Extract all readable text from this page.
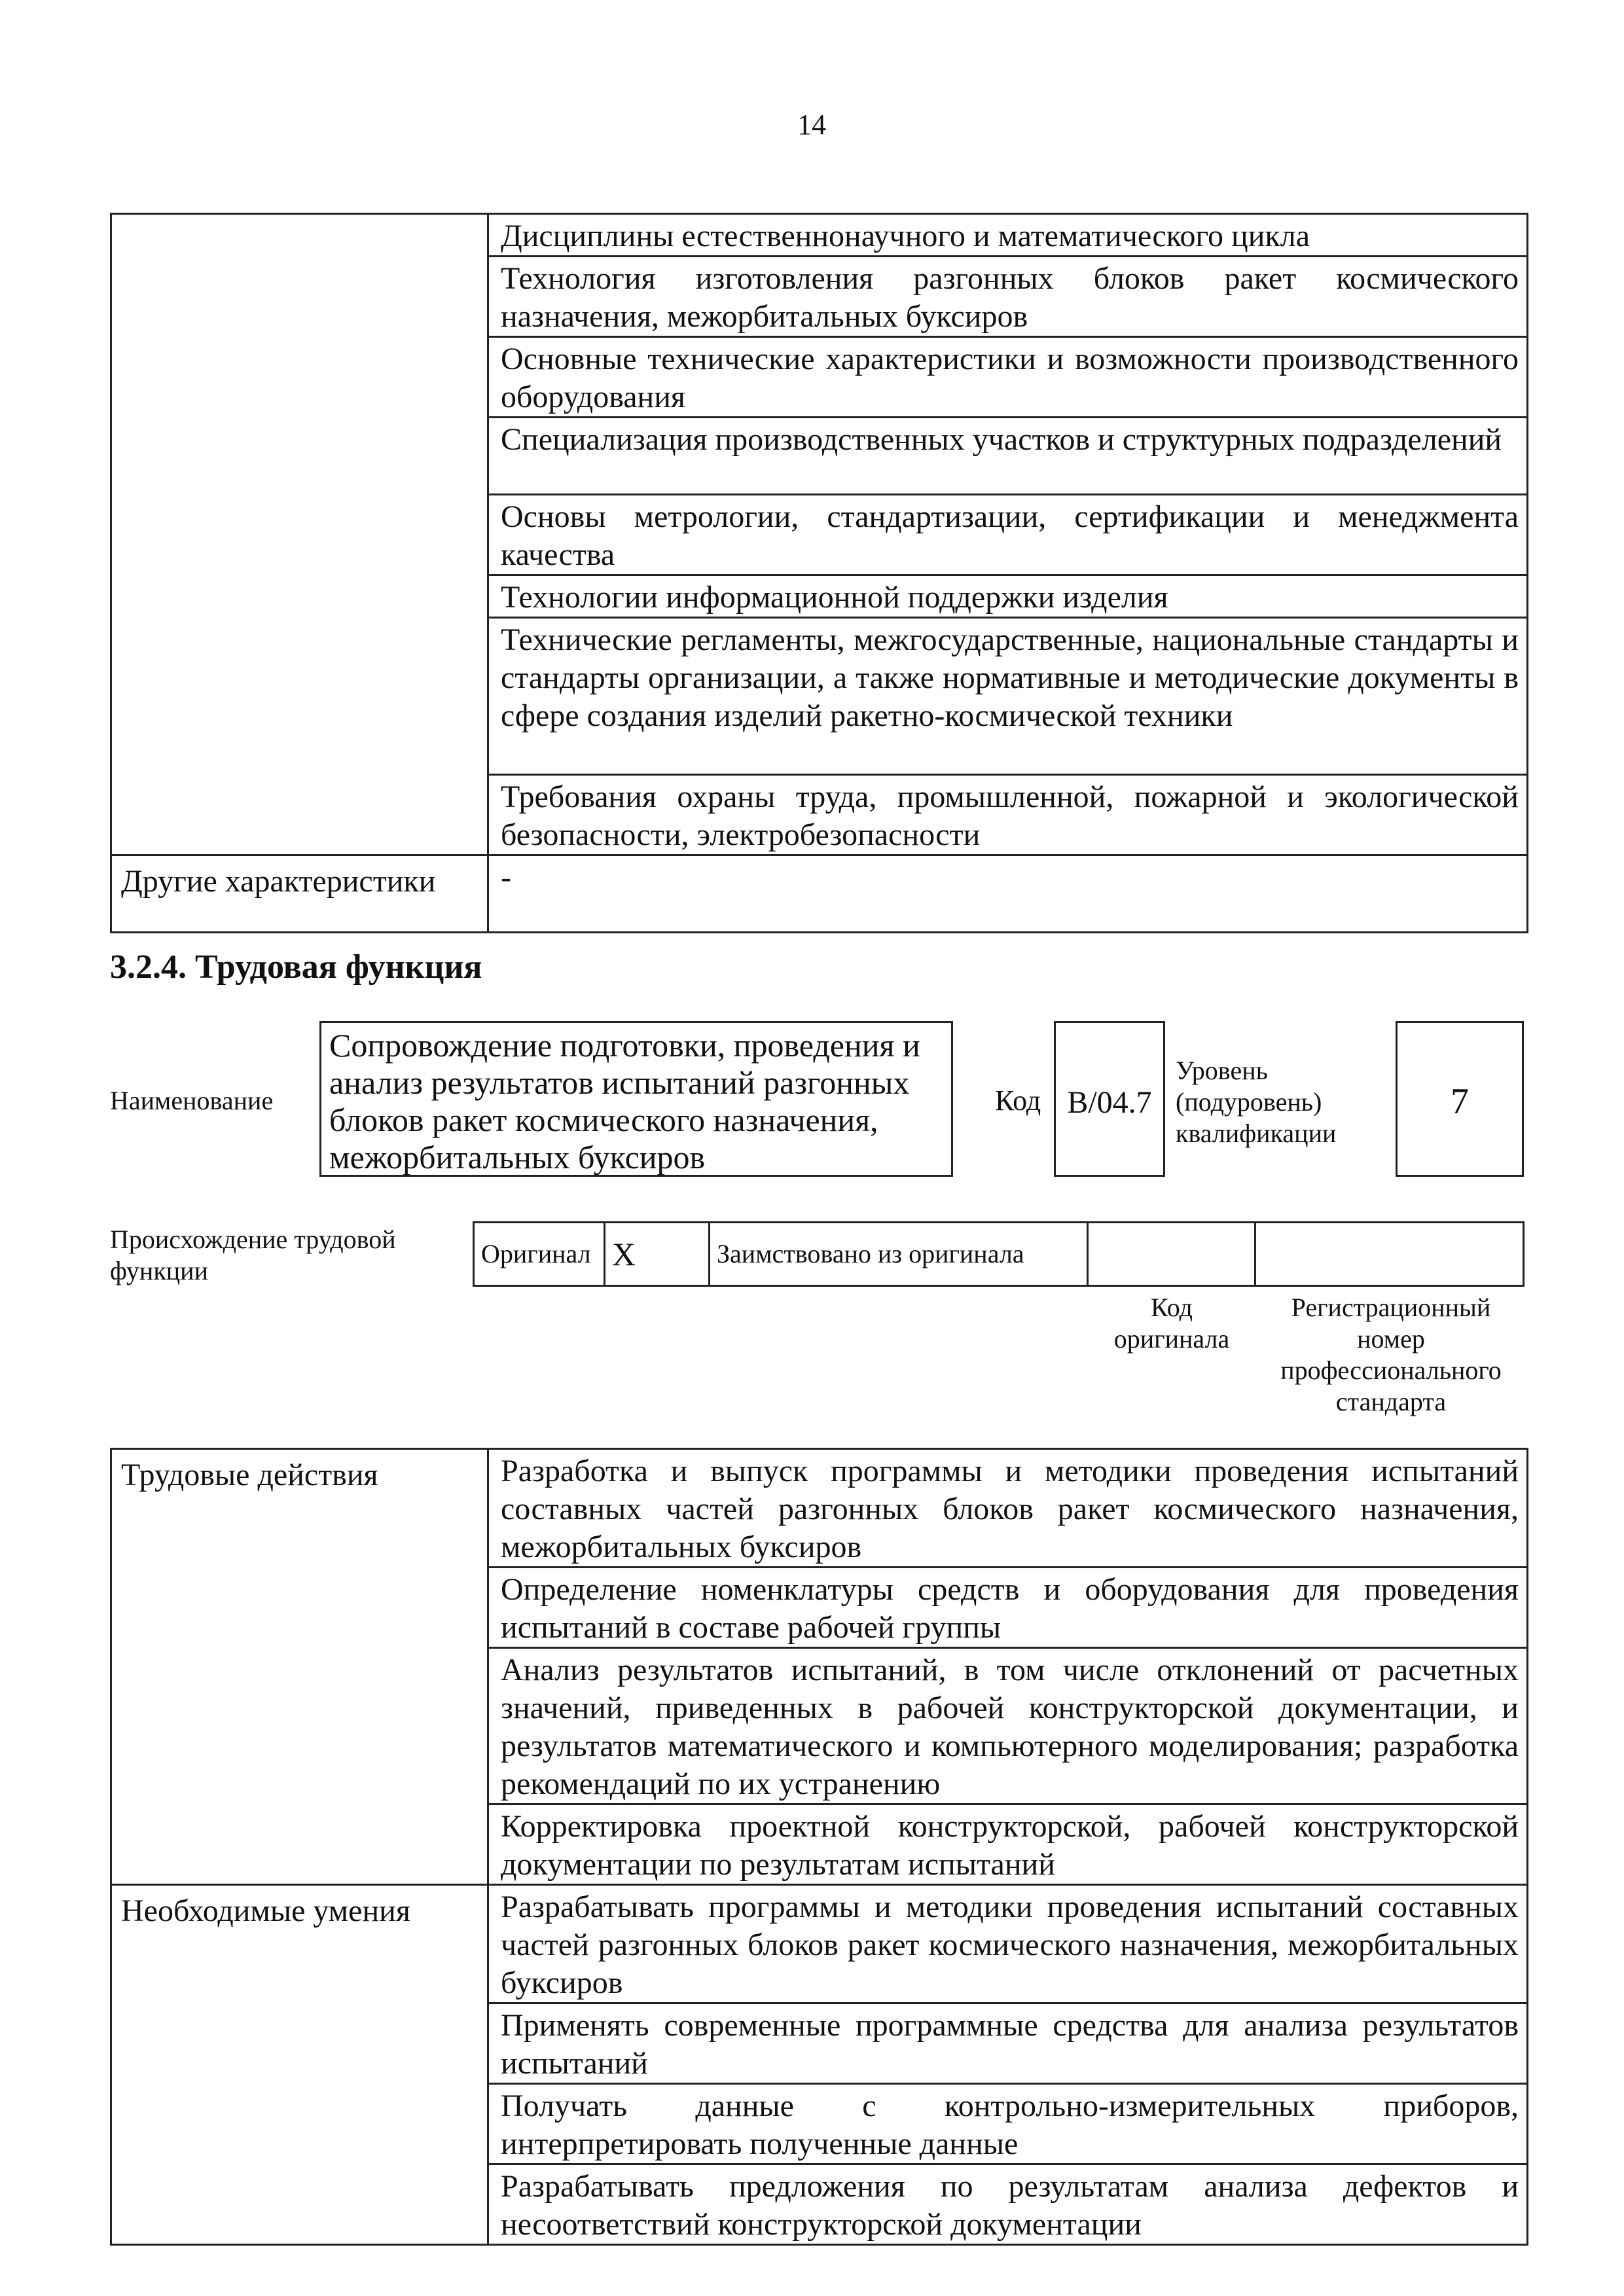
14

	Дисциплины естественнонаучного и математического цикла

	Технология изготовления разгонных блоков ракет космического назначения, межорбитальных буксиров

	Основные технические характеристики и возможности производственного оборудования

	Специализация производственных участков и структурных подразделений

	Основы метрологии, стандартизации, сертификации и менеджмента качества

	Технологии информационной поддержки изделия

	Технические регламенты, межгосударственные, национальные стандарты и стандарты организации, а также нормативные и методические документы в сфере создания изделий ракетно-космической техники

	Требования охраны труда, промышленной, пожарной и экологической безопасности, электробезопасности

Другие характеристики	-
3.2.4. Трудовая функция
Наименование
Сопровождение подготовки, проведения и анализ результатов испытаний разгонных блоков ракет космического назначения, межорбитальных буксиров
Код B/04.7
Уровень (подуровень) квалификации
7
Происхождение трудовой функции
Оригинал	X	Заимствовано из оригинала		
Код оригинала
Регистрационный номер профессионального стандарта
Трудовые действия	Разработка и выпуск программы и методики проведения испытаний составных частей разгонных блоков ракет космического назначения, межорбитальных буксиров

	Определение номенклатуры средств и оборудования для проведения испытаний в составе рабочей группы

	Анализ результатов испытаний, в том числе отклонений от расчетных значений, приведенных в рабочей конструкторской документации, и результатов математического и компьютерного моделирования; разработка рекомендаций по их устранению

	Корректировка проектной конструкторской, рабочей конструкторской документации по результатам испытаний

Необходимые умения	Разрабатывать программы и методики проведения испытаний составных частей разгонных блоков ракет космического назначения, межорбитальных буксиров

	Применять современные программные средства для анализа результатов испытаний

	Получать данные с контрольно-измерительных приборов, интерпретировать полученные данные

	Разрабатывать предложения по результатам анализа дефектов и несоответствий конструкторской документации
